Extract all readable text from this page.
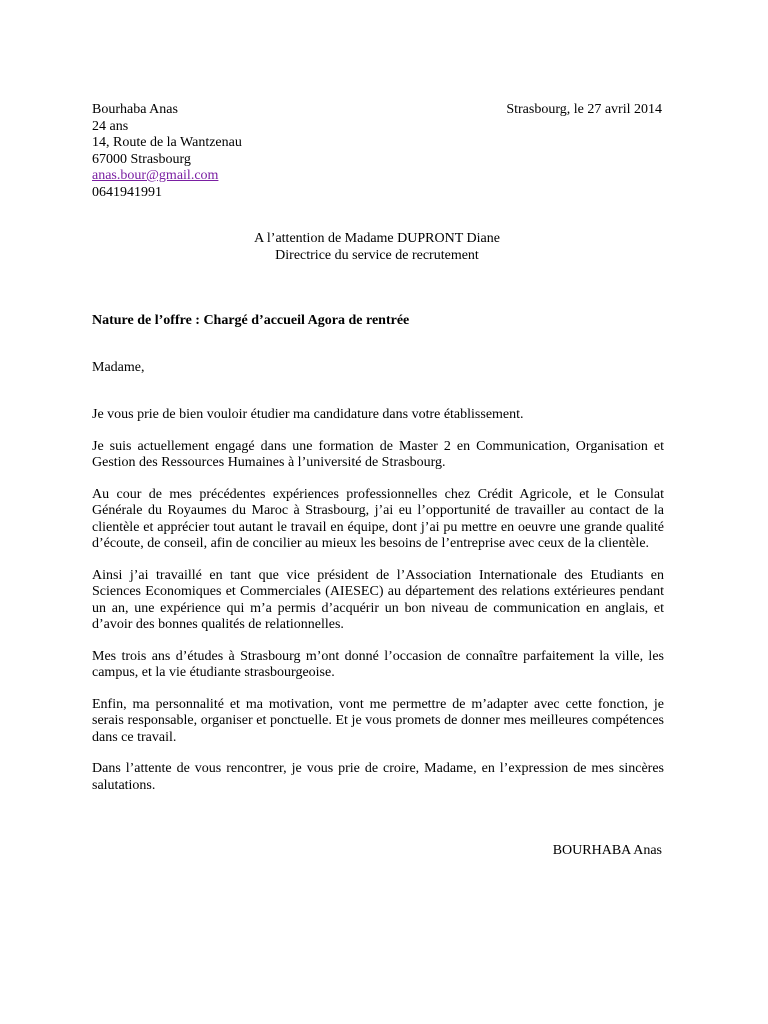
Bourhaba Anas
24 ans
14, Route de la Wantzenau
67000 Strasbourg
anas.bour@gmail.com
0641941991
Strasbourg, le 27 avril 2014
A l’attention de Madame DUPRONT Diane
Directrice du service de recrutement
Nature de l’offre : Chargé d’accueil Agora de rentrée
Madame,

Je vous prie de bien vouloir étudier ma candidature dans votre établissement.

Je suis actuellement engagé dans une formation de Master 2 en Communication, Organisation et Gestion des Ressources Humaines à l’université de Strasbourg.

Au cour de mes précédentes expériences professionnelles chez Crédit Agricole, et le Consulat Générale du Royaumes du Maroc à Strasbourg, j’ai eu l’opportunité de travailler au contact de la clientèle et apprécier tout autant le travail en équipe, dont j’ai pu mettre en oeuvre une grande qualité d’écoute, de conseil, afin de concilier au mieux les besoins de l’entreprise avec ceux de la clientèle.

Ainsi j’ai travaillé en tant que vice président de l’Association Internationale des Etudiants en Sciences Economiques et Commerciales (AIESEC) au département des relations extérieures pendant un an, une expérience qui m’a permis d’acquérir un bon niveau de communication en anglais, et d’avoir des bonnes qualités de relationnelles.

Mes trois ans d’études à Strasbourg m’ont donné l’occasion de connaître parfaitement la ville, les campus, et la vie étudiante strasbourgeoise.

Enfin, ma personnalité et ma motivation, vont me permettre de m’adapter avec cette fonction, je serais responsable, organiser et ponctuelle. Et je vous promets de donner mes meilleures compétences dans ce travail.

Dans l’attente de vous rencontrer, je vous prie de croire, Madame, en l’expression de mes sincères salutations.

BOURHABA Anas
